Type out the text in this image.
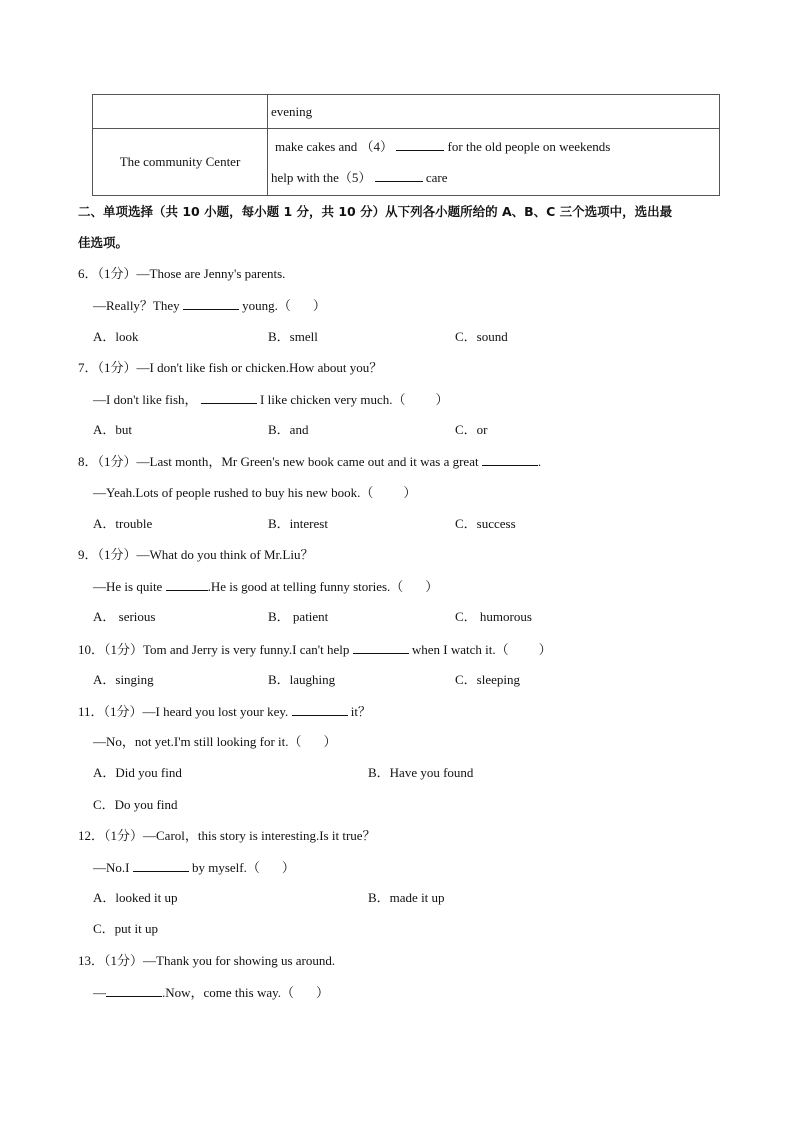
	evening

The community Center	make cakes and （4） for the old people on weekends
help with the（5） care
二、单项选择（共 10 小题，每小题 1 分，共 10 分）从下列各小题所给的 A、B、C 三个选项中，选出最
佳选项。
6．（1分）—Those are Jenny's parents.
—Really？They	young.（ ）
A．look	B．smell	C．sound
7．（1分）—I don't like fish or chicken.How about you？
—I don't like fish，	I like chicken very much.（ ）
A．but	B．and	C．or
8．（1分）—Last month，Mr Green's new book came out and it was a great	.
—Yeah.Lots of people rushed to buy his new book.（ ）
A．trouble	B．interest	C．success
9．（1分）—What do you think of Mr.Liu？
—He is quite	.He is good at telling funny stories.（ ）
A． serious	B． patient	C． humorous
10．（1分）Tom and Jerry is very funny.I can't help	when I watch it.（ ）
A．singing	B．laughing	C．sleeping
11．（1分）—I heard you lost your key.	it？
—No，not yet.I'm still looking for it.（ ）
A．Did you find	B．Have you found
C．Do you find
12．（1分）—Carol，this story is interesting.Is it true？
—No.I	by myself.（ ）
A．looked it up	B．made it up
C．put it up
13．（1分）—Thank you for showing us around.
—	.Now，come this way.（ ）
